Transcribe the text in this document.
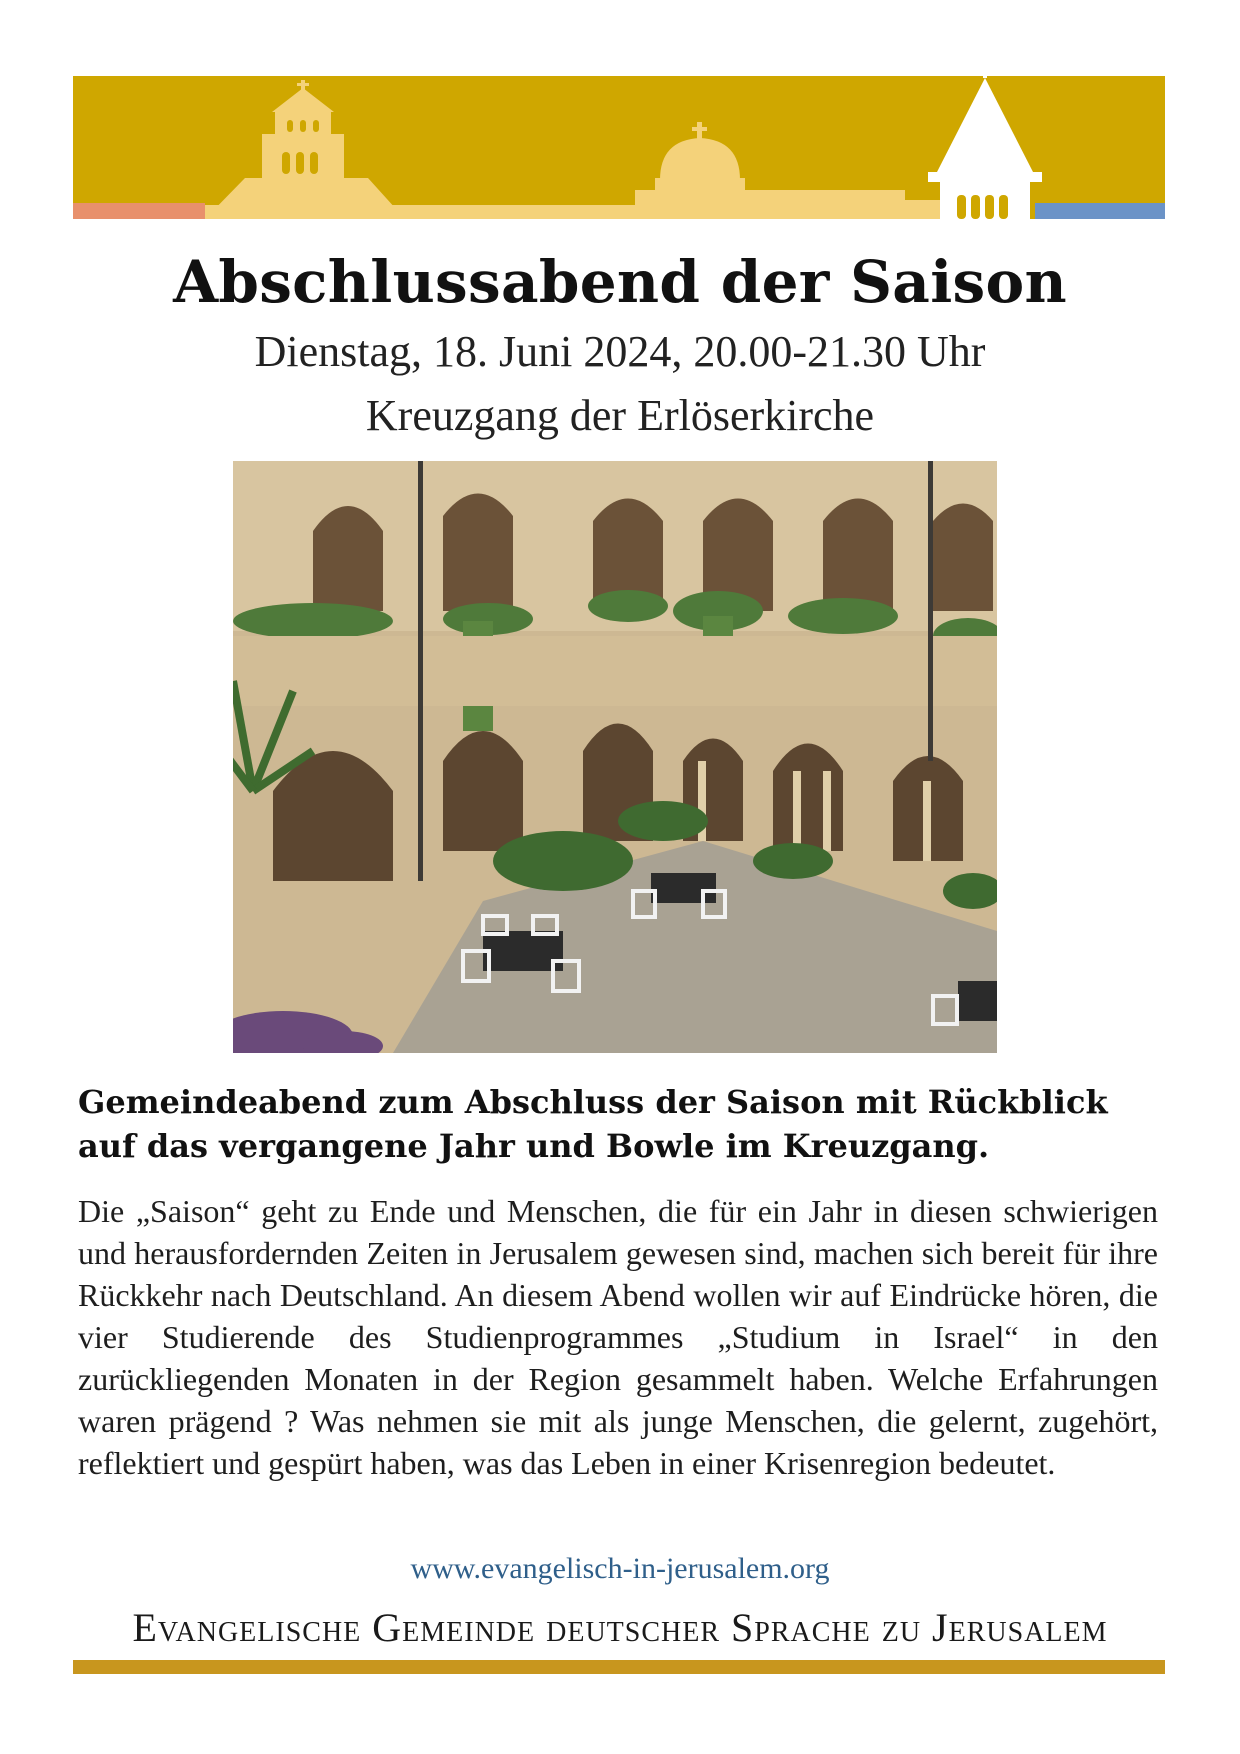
Abschlussabend der Saison
Dienstag, 18. Juni 2024, 20.00-21.30 Uhr
Kreuzgang der Erlöserkirche
Gemeindeabend zum Abschluss der Saison mit Rückblick auf das vergangene Jahr und Bowle im Kreuzgang.
Die „Saison“ geht zu Ende und Menschen, die für ein Jahr in diesen schwierigen und herausfordernden Zeiten in Jerusalem gewesen sind, machen sich bereit für ihre Rückkehr nach Deutschland. An diesem Abend wollen wir auf Eindrücke hören, die vier Studierende des Studienprogrammes „Studium in Israel“ in den zurückliegenden Monaten in der Region gesammelt haben. Welche Erfahrungen waren prägend ? Was nehmen sie mit als junge Menschen, die gelernt, zugehört, reflektiert und gespürt haben, was das Leben in einer Krisenregion bedeutet.
www.evangelisch-in-jerusalem.org
Evangelische Gemeinde deutscher Sprache zu Jerusalem
